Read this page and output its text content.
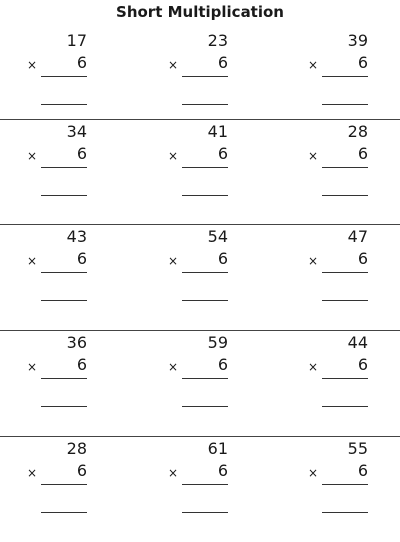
Short Multiplication
17
×	6
23
×	6
39
×	6
34
×	6
41
×	6
28
×	6
43
×	6
54
×	6
47
×	6
36
×	6
59
×	6
44
×	6
28
×	6
61
×	6
55
×	6
